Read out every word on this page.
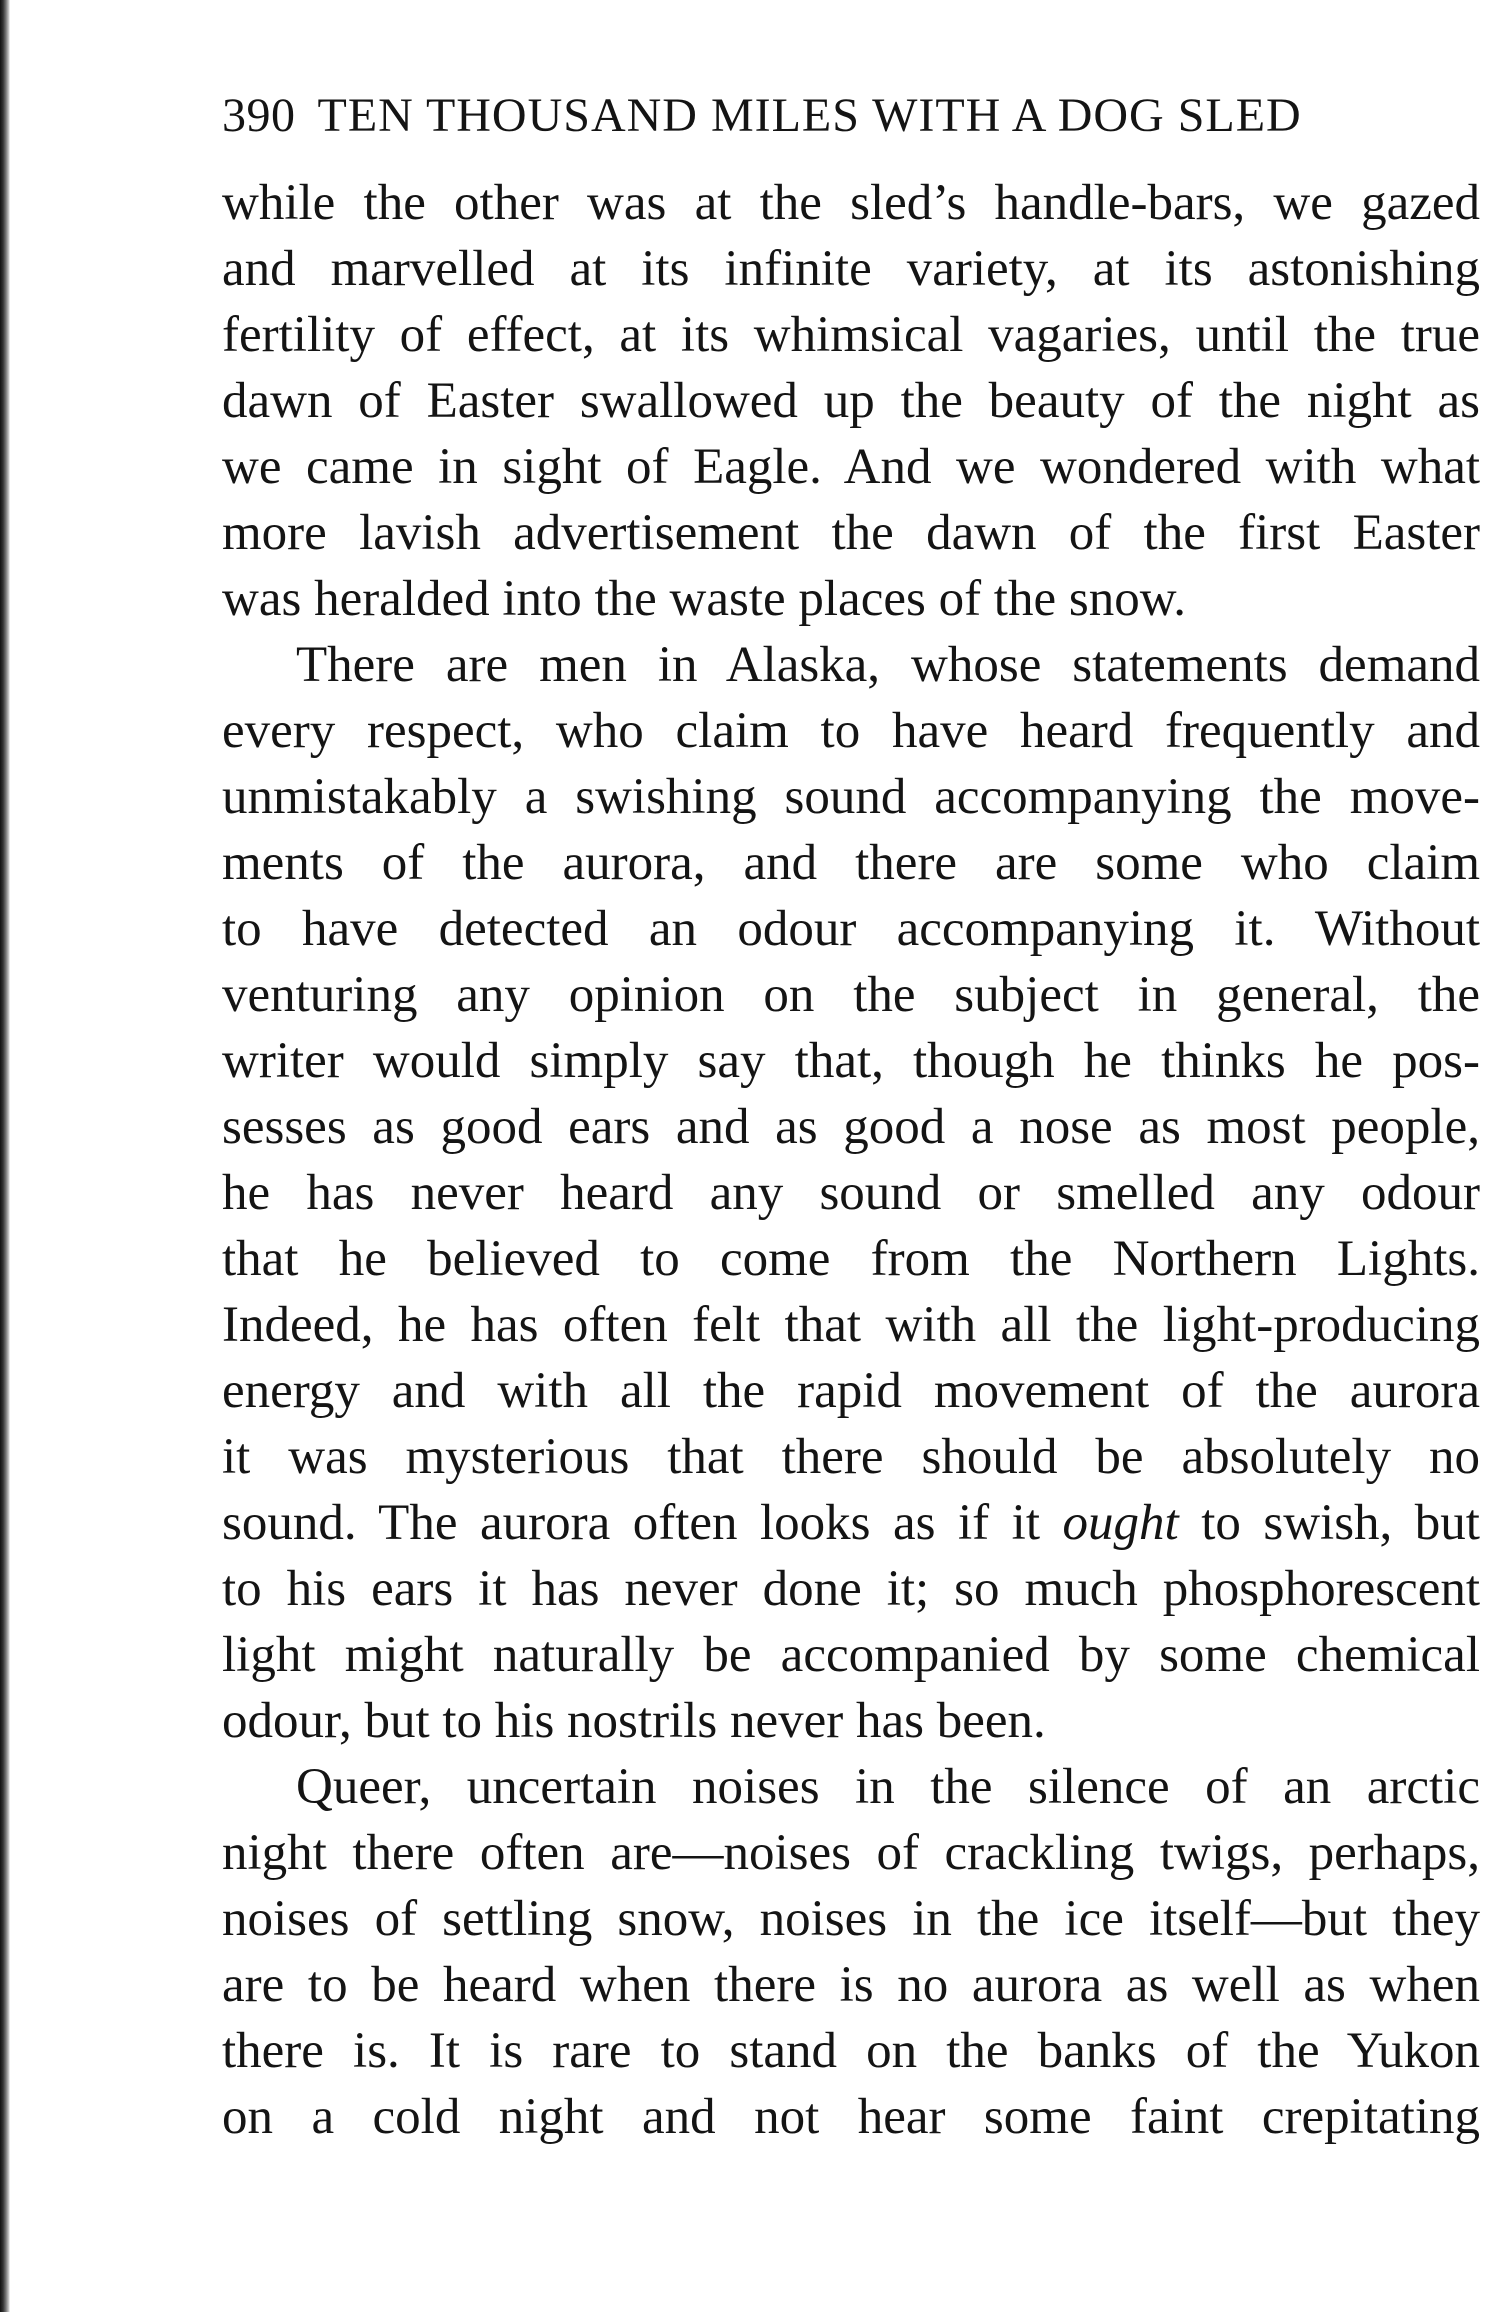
390 TEN THOUSAND MILES WITH A DOG SLED
while the other was at the sled’s handle-bars, we gazed
and marvelled at its infinite variety, at its astonishing
fertility of effect, at its whimsical vagaries, until the true
dawn of Easter swallowed up the beauty of the night as
we came in sight of Eagle. And we wondered with what
more lavish advertisement the dawn of the first Easter
was heralded into the waste places of the snow.
There are men in Alaska, whose statements demand
every respect, who claim to have heard frequently and
unmistakably a swishing sound accompanying the move-
ments of the aurora, and there are some who claim
to have detected an odour accompanying it. Without
venturing any opinion on the subject in general, the
writer would simply say that, though he thinks he pos-
sesses as good ears and as good a nose as most people,
he has never heard any sound or smelled any odour
that he believed to come from the Northern Lights.
Indeed, he has often felt that with all the light-producing
energy and with all the rapid movement of the aurora
it was mysterious that there should be absolutely no
sound. The aurora often looks as if it ought to swish, but
to his ears it has never done it; so much phosphorescent
light might naturally be accompanied by some chemical
odour, but to his nostrils never has been.
Queer, uncertain noises in the silence of an arctic
night there often are—noises of crackling twigs, perhaps,
noises of settling snow, noises in the ice itself—but they
are to be heard when there is no aurora as well as when
there is. It is rare to stand on the banks of the Yukon
on a cold night and not hear some faint crepitating
